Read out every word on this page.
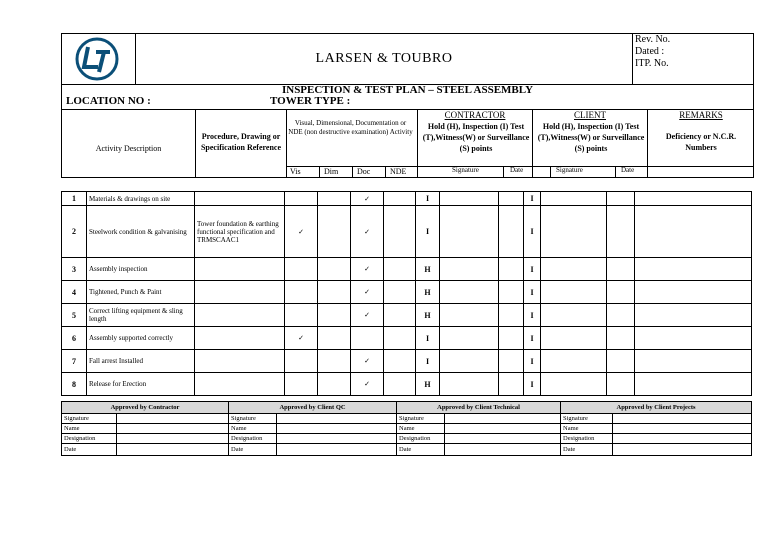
LARSEN & TOUBRO
Rev. No.
Dated :
ITP. No.
INSPECTION & TEST PLAN – STEEL ASSEMBLY
LOCATION NO :	TOWER TYPE :
Activity Description
Procedure, Drawing or Specification Reference
Visual, Dimensional, Documentation or NDE (non destructive examination) Activity
Vis	Dim Doc NDE
CONTRACTOR
Hold (H), Inspection (I) Test (T),Witness(W) or Surveillance (S) points
Signature	Date
CLIENT
Hold (H), Inspection (I) Test (T),Witness(W) or Surveillance (S) points
Signature	Date
REMARKS
Deficiency or N.C.R. Numbers
1	Materials & drawings on site				✓		I			I			
2	Steelwork condition & galvanising	Tower foundation & earthing functional specification and TRMSCAAC1	✓		✓		I			I			
3	Assembly inspection				✓		H			I			
4	Tightened, Punch & Paint				✓		H			I			
5	Correct lifting equipment & sling length				✓		H			I			
6	Assembly supported correctly		✓				I			I			
7	Fall arrest Installed				✓		I			I			
8	Release for Erection				✓		H			I			
Approved by Contractor		Approved by Client QC		Approved by Client Technical		Approved by Client Projects	
Signature		Signature		Signature		Signature	
Name		Name		Name		Name	
Designation		Designation		Designation		Designation	
Date		Date		Date		Date	
